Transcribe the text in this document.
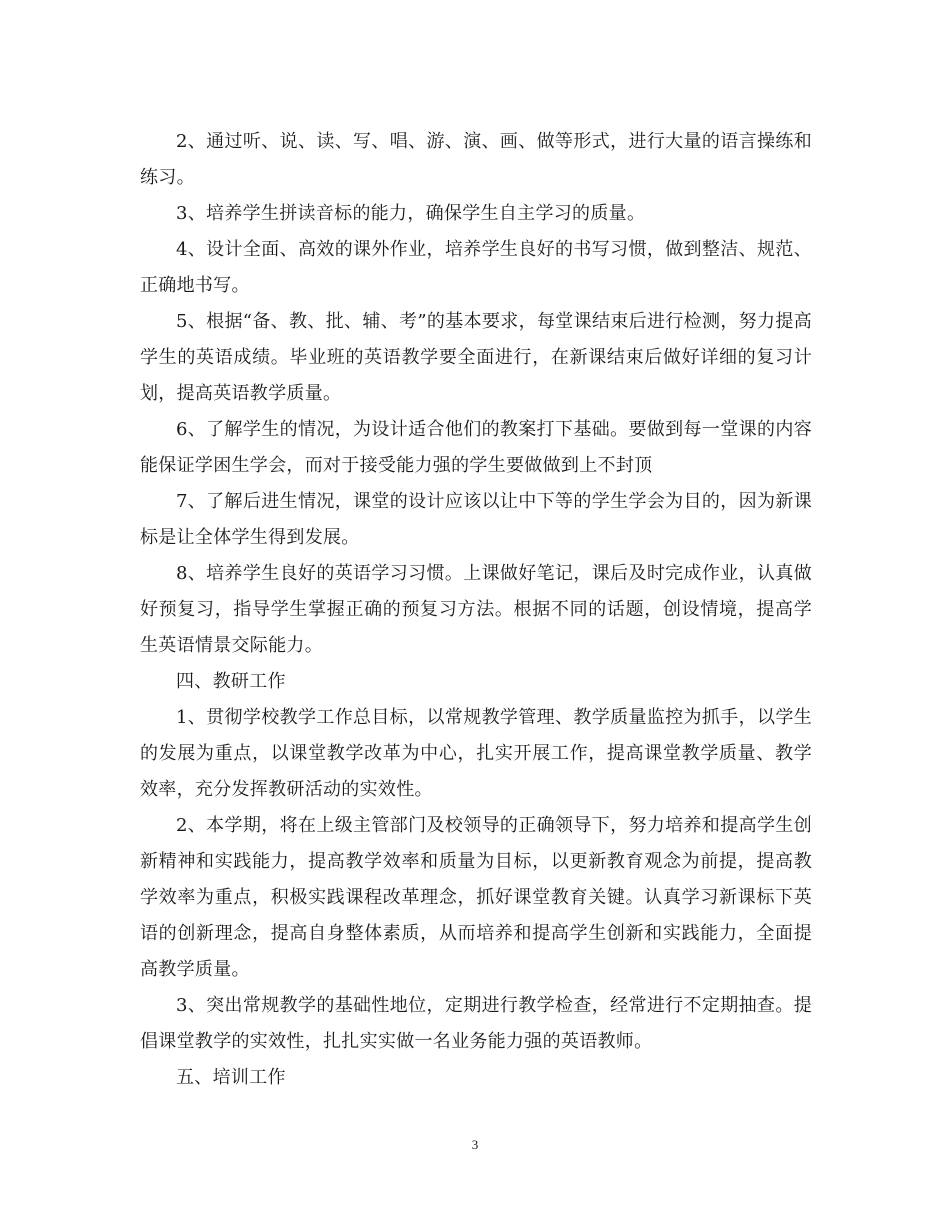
2、通过听、说、读、写、唱、游、演、画、做等形式，进行大量的语言操练和练习。

3、培养学生拼读音标的能力，确保学生自主学习的质量。

4、设计全面、高效的课外作业，培养学生良好的书写习惯，做到整洁、规范、正确地书写。

5、根据“备、教、批、辅、考”的基本要求，每堂课结束后进行检测，努力提高学生的英语成绩。毕业班的英语教学要全面进行，在新课结束后做好详细的复习计划，提高英语教学质量。

6、了解学生的情况，为设计适合他们的教案打下基础。要做到每一堂课的内容能保证学困生学会，而对于接受能力强的学生要做做到上不封顶

7、了解后进生情况，课堂的设计应该以让中下等的学生学会为目的，因为新课标是让全体学生得到发展。

8、培养学生良好的英语学习习惯。上课做好笔记，课后及时完成作业，认真做好预复习，指导学生掌握正确的预复习方法。根据不同的话题，创设情境，提高学生英语情景交际能力。

四、教研工作

1、贯彻学校教学工作总目标，以常规教学管理、教学质量监控为抓手，以学生的发展为重点，以课堂教学改革为中心，扎实开展工作，提高课堂教学质量、教学效率，充分发挥教研活动的实效性。

2、本学期，将在上级主管部门及校领导的正确领导下，努力培养和提高学生创新精神和实践能力，提高教学效率和质量为目标，以更新教育观念为前提，提高教学效率为重点，积极实践课程改革理念，抓好课堂教育关键。认真学习新课标下英语的创新理念，提高自身整体素质，从而培养和提高学生创新和实践能力，全面提高教学质量。

3、突出常规教学的基础性地位，定期进行教学检查，经常进行不定期抽查。提倡课堂教学的实效性，扎扎实实做一名业务能力强的英语教师。

五、培训工作

3
